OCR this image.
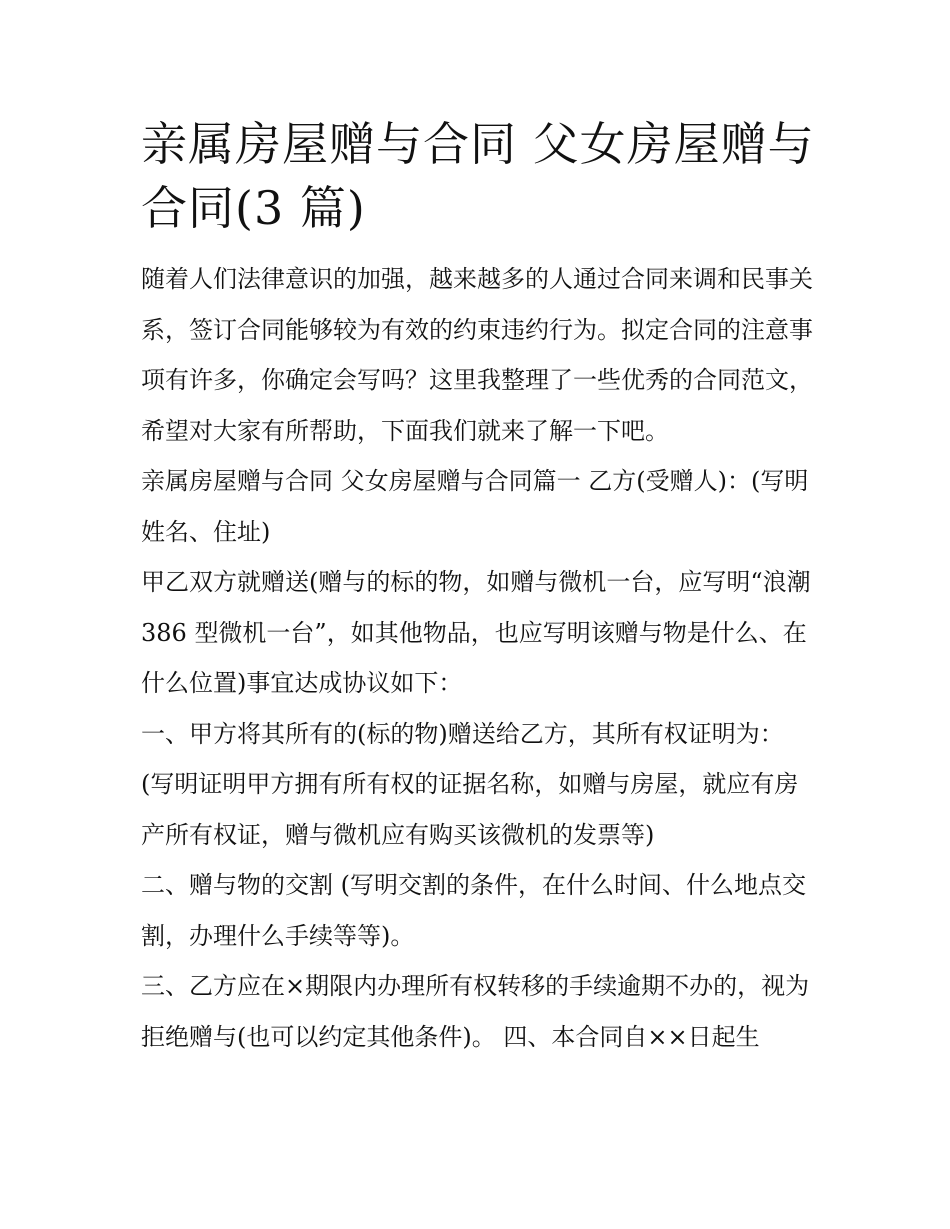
亲属房屋赠与合同 父女房屋赠与合同(3 篇)

随着人们法律意识的加强，越来越多的人通过合同来调和民事关系，签订合同能够较为有效的约束违约行为。拟定合同的注意事项有许多，你确定会写吗？这里我整理了一些优秀的合同范文，希望对大家有所帮助，下面我们就来了解一下吧。

亲属房屋赠与合同 父女房屋赠与合同篇一 乙方(受赠人)：(写明姓名、住址)

甲乙双方就赠送(赠与的标的物，如赠与微机一台，应写明“浪潮 386 型微机一台”，如其他物品，也应写明该赠与物是什么、在什么位置)事宜达成协议如下：

一、甲方将其所有的(标的物)赠送给乙方，其所有权证明为：(写明证明甲方拥有所有权的证据名称，如赠与房屋，就应有房产所有权证，赠与微机应有购买该微机的发票等)

二、赠与物的交割 (写明交割的条件，在什么时间、什么地点交割，办理什么手续等等)。

三、乙方应在×期限内办理所有权转移的手续逾期不办的，视为拒绝赠与(也可以约定其他条件)。 四、本合同自××日起生
